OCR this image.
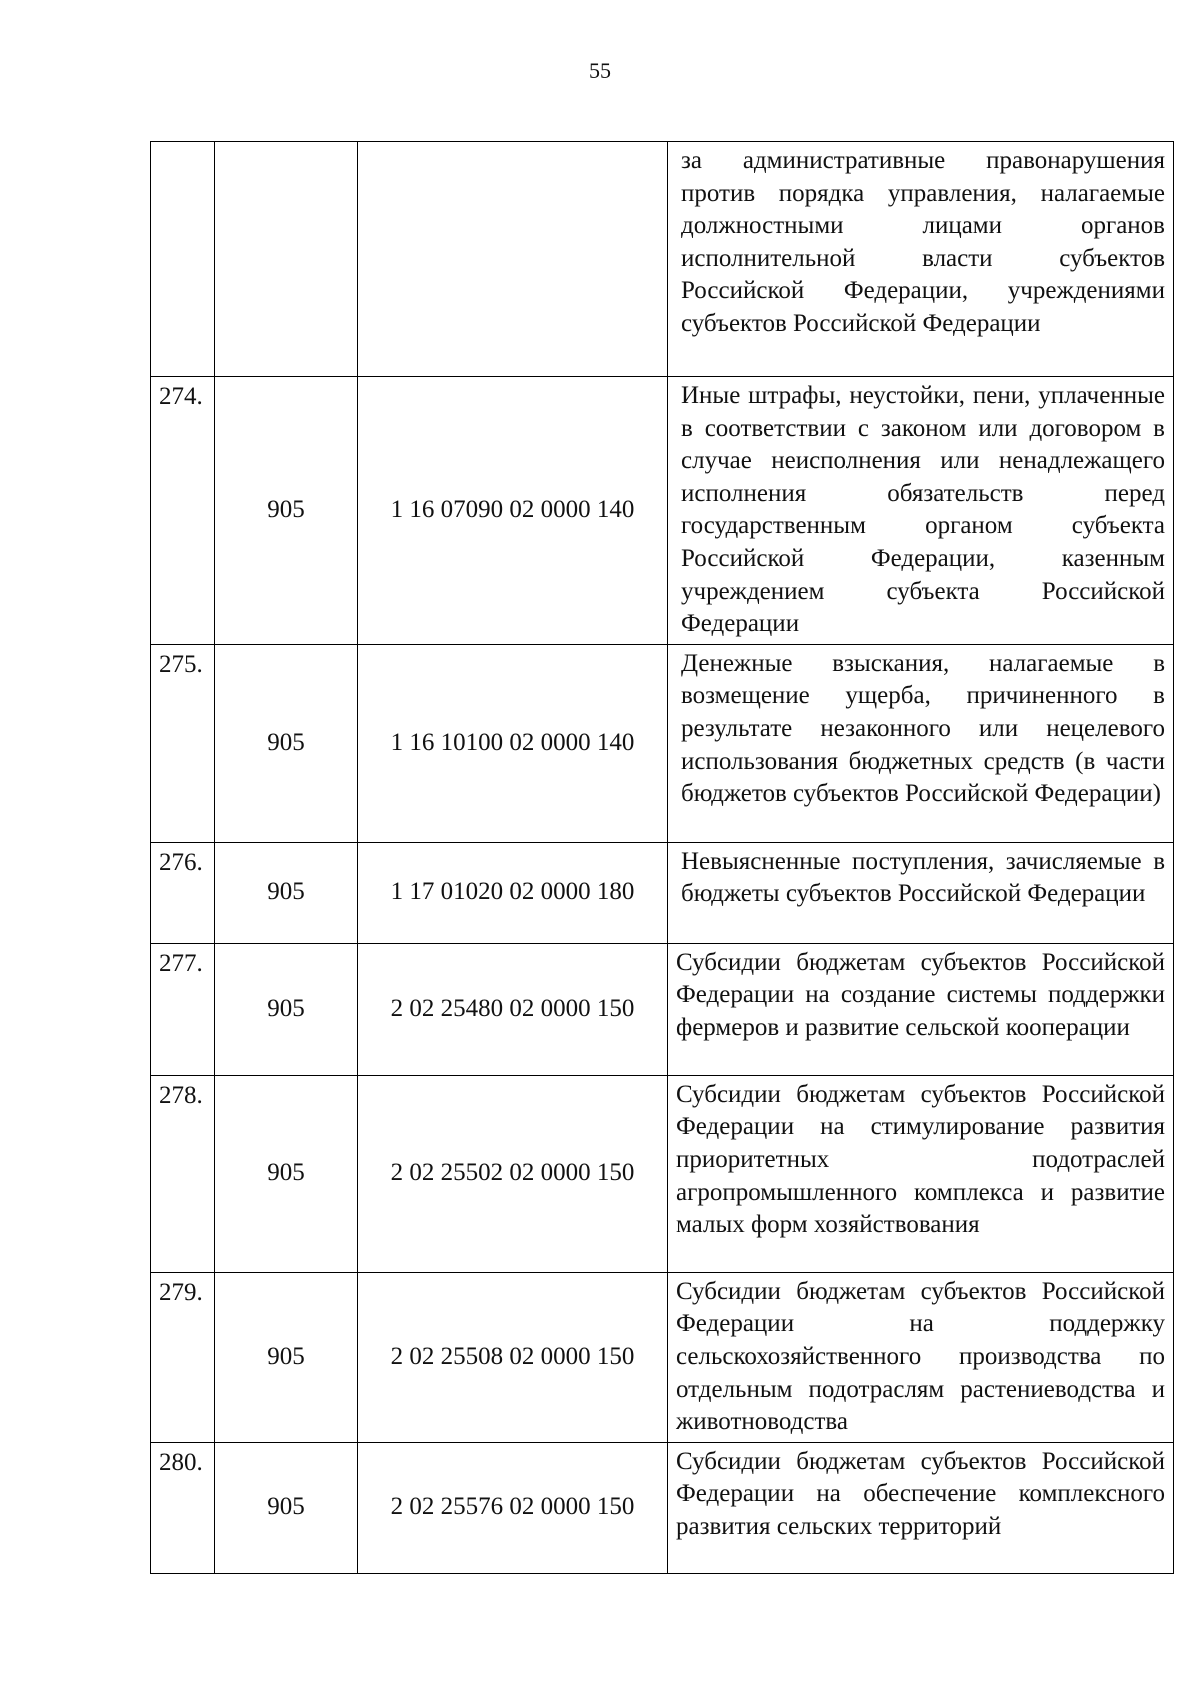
55
			за административные правонарушения против порядка управления, налагаемые должностными лицами органов исполнительной власти субъектов Российской Федерации, учреждениями субъектов Российской Федерации
274.	905	1 16 07090 02 0000 140	Иные штрафы, неустойки, пени, уплаченные в соответствии с законом или договором в случае неисполнения или ненадлежащего исполнения обязательств перед государственным органом субъекта Российской Федерации, казенным учреждением субъекта Российской Федерации
275.	905	1 16 10100 02 0000 140	Денежные взыскания, налагаемые в возмещение ущерба, причиненного в результате незаконного или нецелевого использования бюджетных средств (в части бюджетов субъектов Российской Федерации)
276.	905	1 17 01020 02 0000 180	Невыясненные поступления, зачисляемые в бюджеты субъектов Российской Федерации
277.	905	2 02 25480 02 0000 150	Субсидии бюджетам субъектов Российской Федерации на создание системы поддержки фермеров и развитие сельской кооперации
278.	905	2 02 25502 02 0000 150	Субсидии бюджетам субъектов Российской Федерации на стимулирование развития приоритетных подотраслей агропромышленного комплекса и развитие малых форм хозяйствования
279.	905	2 02 25508 02 0000 150	Субсидии бюджетам субъектов Российской Федерации на поддержку сельскохозяйственного производства по отдельным подотраслям растениеводства и животноводства
280.	905	2 02 25576 02 0000 150	Субсидии бюджетам субъектов Российской Федерации на обеспечение комплексного развития сельских территорий
